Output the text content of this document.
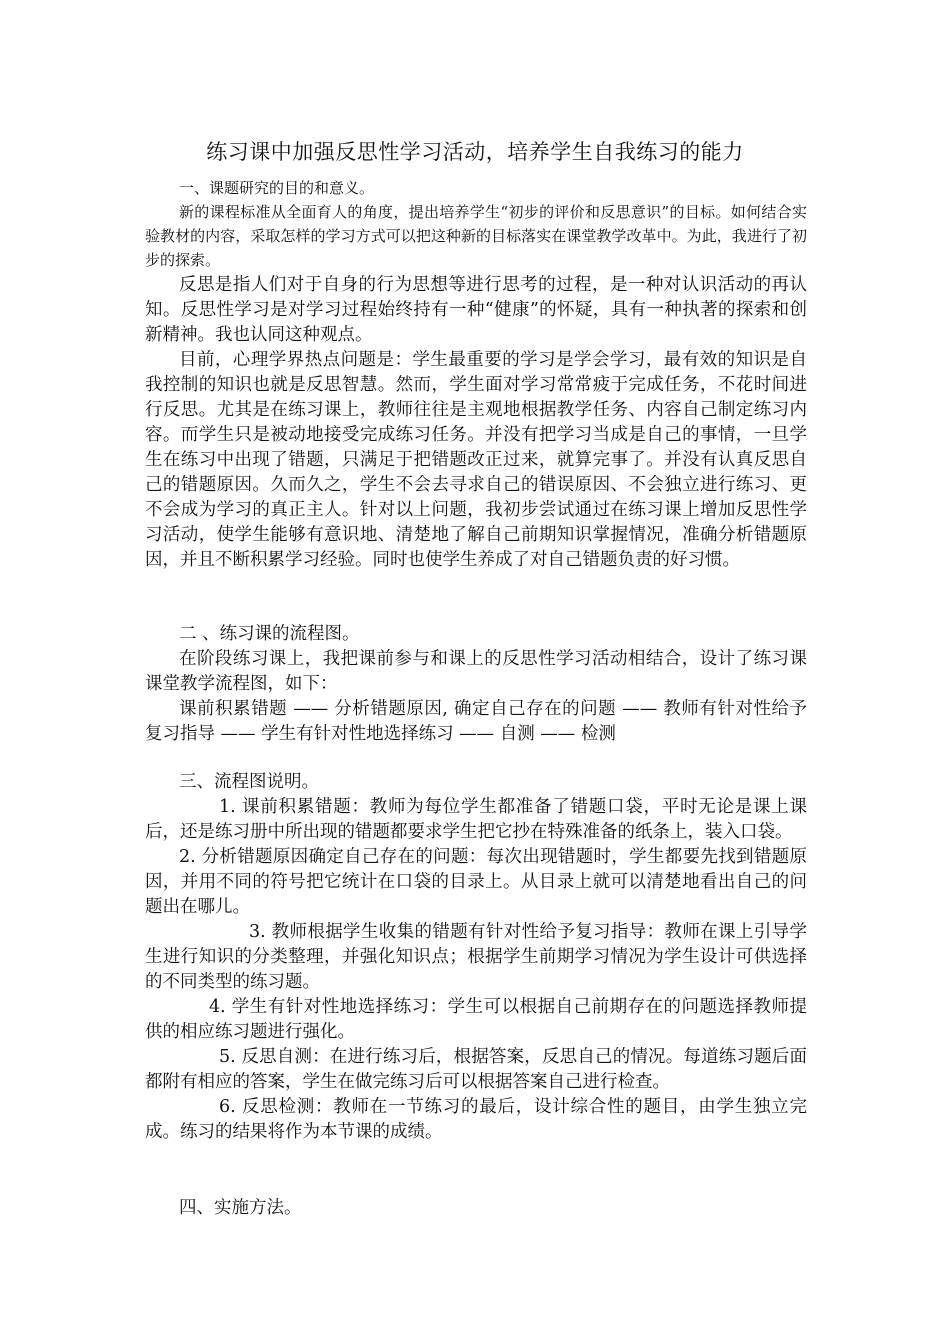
练习课中加强反思性学习活动，培养学生自我练习的能力

一、课题研究的目的和意义。

新的课程标准从全面育人的角度，提出培养学生“初步的评价和反思意识”的目标。如何结合实验教材的内容，采取怎样的学习方式可以把这种新的目标落实在课堂教学改革中。为此，我进行了初步的探索。

反思是指人们对于自身的行为思想等进行思考的过程，是一种对认识活动的再认知。反思性学习是对学习过程始终持有一种“健康”的怀疑，具有一种执著的探索和创新精神。我也认同这种观点。

目前，心理学界热点问题是：学生最重要的学习是学会学习，最有效的知识是自我控制的知识也就是反思智慧。然而，学生面对学习常常疲于完成任务，不花时间进行反思。尤其是在练习课上，教师往往是主观地根据教学任务、内容自己制定练习内容。而学生只是被动地接受完成练习任务。并没有把学习当成是自己的事情，一旦学生在练习中出现了错题，只满足于把错题改正过来，就算完事了。并没有认真反思自己的错题原因。久而久之，学生不会去寻求自己的错误原因、不会独立进行练习、更不会成为学习的真正主人。针对以上问题，我初步尝试通过在练习课上增加反思性学习活动，使学生能够有意识地、清楚地了解自己前期知识掌握情况，准确分析错题原因，并且不断积累学习经验。同时也使学生养成了对自己错题负责的好习惯。

二 、练习课的流程图。

在阶段练习课上，我把课前参与和课上的反思性学习活动相结合，设计了练习课课堂教学流程图，如下：

课前积累错题 —— 分析错题原因, 确定自己存在的问题 —— 教师有针对性给予复习指导 —— 学生有针对性地选择练习 —— 自测 —— 检测

三、流程图说明。

1. 课前积累错题：教师为每位学生都准备了错题口袋，平时无论是课上课后，还是练习册中所出现的错题都要求学生把它抄在特殊准备的纸条上，装入口袋。

2. 分析错题原因确定自己存在的问题：每次出现错题时，学生都要先找到错题原因，并用不同的符号把它统计在口袋的目录上。从目录上就可以清楚地看出自己的问题出在哪儿。

3. 教师根据学生收集的错题有针对性给予复习指导：教师在课上引导学生进行知识的分类整理，并强化知识点；根据学生前期学习情况为学生设计可供选择的不同类型的练习题。

4. 学生有针对性地选择练习：学生可以根据自己前期存在的问题选择教师提供的相应练习题进行强化。

5. 反思自测：在进行练习后，根据答案，反思自己的情况。每道练习题后面都附有相应的答案，学生在做完练习后可以根据答案自己进行检查。

6. 反思检测：教师在一节练习的最后，设计综合性的题目，由学生独立完成。练习的结果将作为本节课的成绩。

四、实施方法。
